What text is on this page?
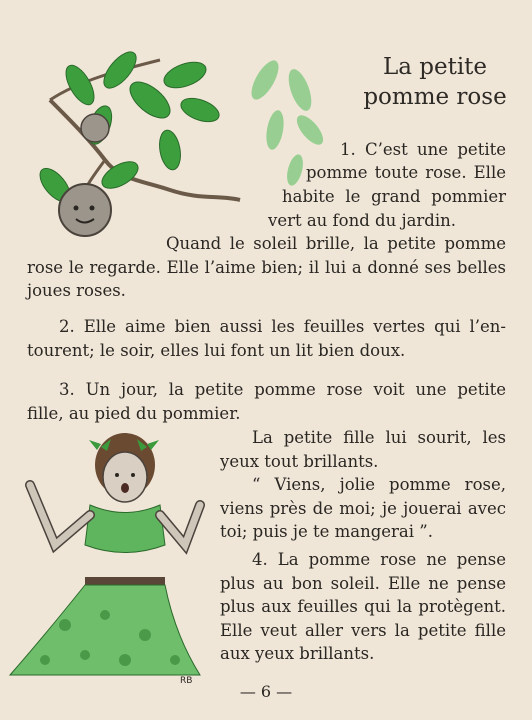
RB
La petite
pomme rose
1. C’est une petite
pomme toute rose. Elle
habite le grand pommier
vert au fond du jardin.
Quand le soleil brille, la petite pomme
rose le regarde. Elle l’aime bien; il lui a donné ses belles
joues roses.
2. Elle aime bien aussi les feuilles vertes qui l’en-
tourent; le soir, elles lui font un lit bien doux.
3. Un jour, la petite pomme rose voit une petite
fille, au pied du pommier.
La petite fille lui sourit, les
yeux tout brillants.
“ Viens, jolie pomme rose,
viens près de moi; je jouerai avec
toi; puis je te mangerai ”.
4. La pomme rose ne pense
plus au bon soleil. Elle ne pense
plus aux feuilles qui la protègent.
Elle veut aller vers la petite fille
aux yeux brillants.
— 6 —
